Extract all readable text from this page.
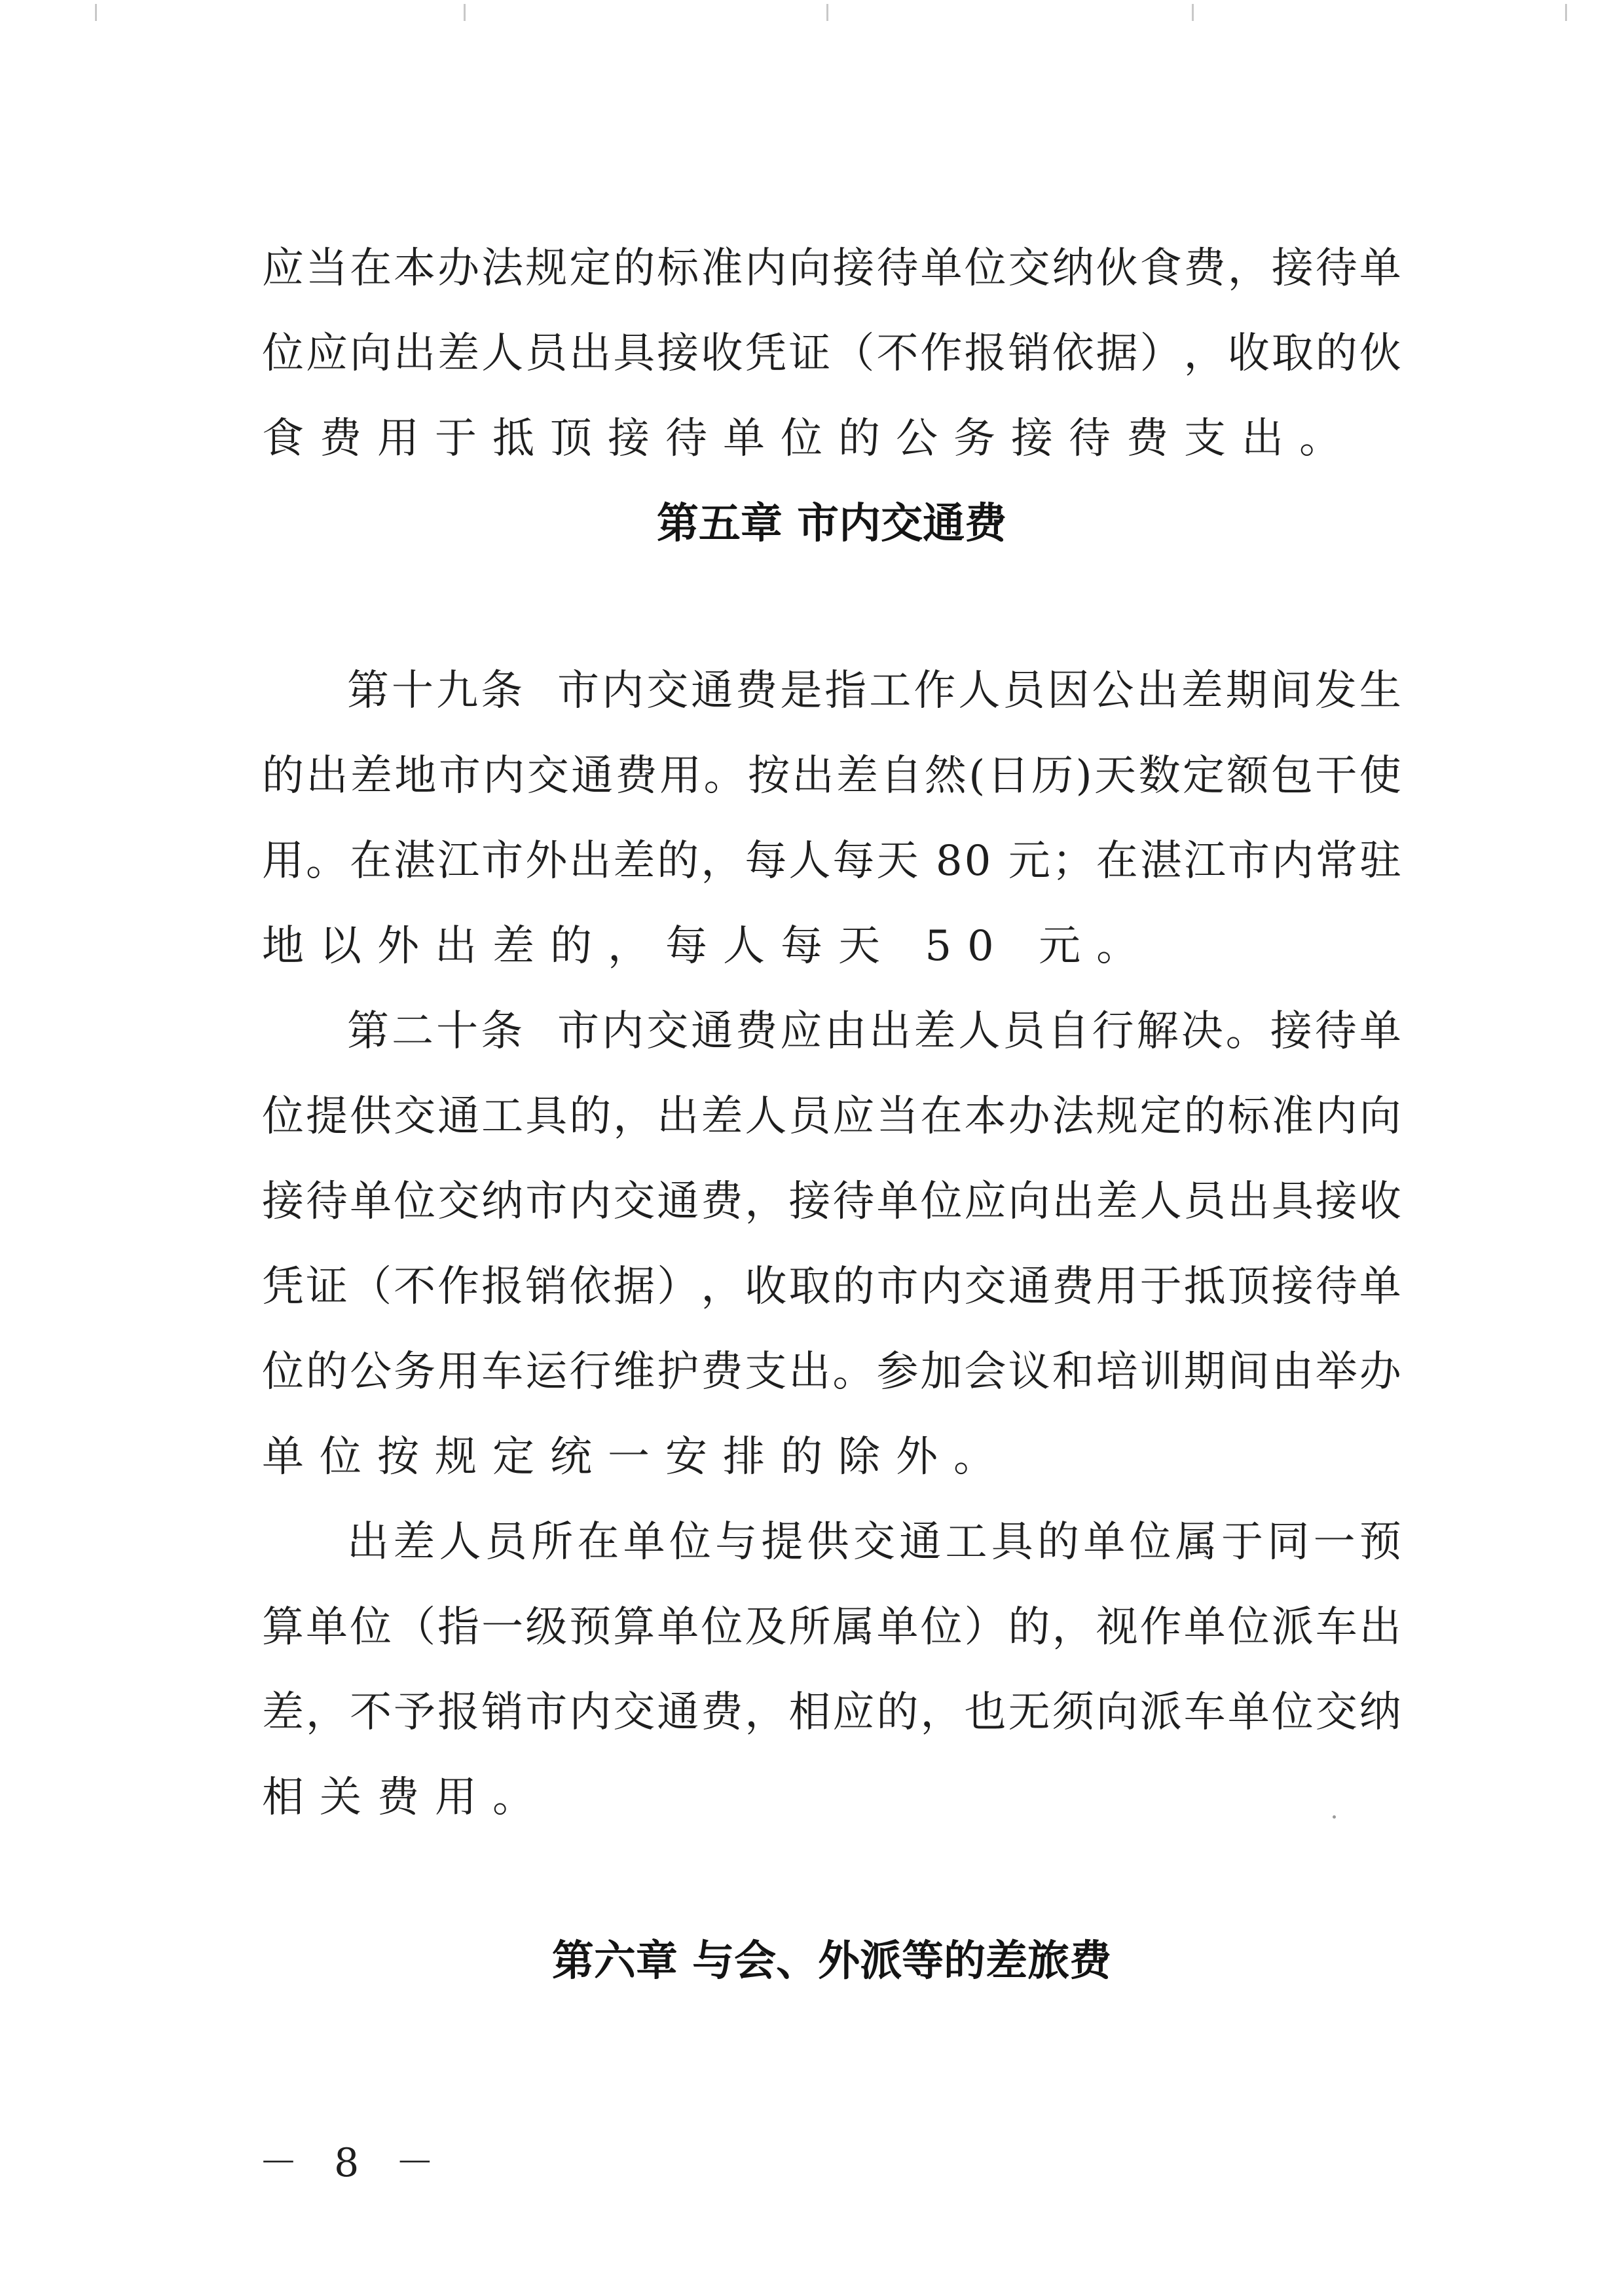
应 当 在 本 办 法 规 定 的 标 准 内 向 接 待 单 位 交 纳 伙 食 费 ， 接 待 单
位 应 向 出 差 人 员 出 具 接 收 凭 证 （ 不 作 报 销 依 据 ） ， 收 取 的 伙
食费用于抵顶接待单位的公务接待费支出。
第五章 市内交通费
第 十 九 条

市 内 交 通 费 是 指 工 作 人 员 因 公 出 差 期 间 发 生
的 出 差 地 市 内 交 通 费 用 。 按 出 差 自 然 ( 日 历 ) 天 数 定 额 包 干 使
用 。 在 湛 江 市 外 出 差 的 ， 每 人 每 天
8 0
元 ； 在 湛 江 市 内 常 驻
地以外出差的，每人每天 50 元。
第 二 十 条

市 内 交 通 费 应 由 出 差 人 员 自 行 解 决 。 接 待 单
位 提 供 交 通 工 具 的 ， 出 差 人 员 应 当 在 本 办 法 规 定 的 标 准 内 向
接 待 单 位 交 纳 市 内 交 通 费 ， 接 待 单 位 应 向 出 差 人 员 出 具 接 收
凭 证 （ 不 作 报 销 依 据 ） ， 收 取 的 市 内 交 通 费 用 于 抵 顶 接 待 单
位 的 公 务 用 车 运 行 维 护 费 支 出 。 参 加 会 议 和 培 训 期 间 由 举 办
单位按规定统一安排的除外。
出 差 人 员 所 在 单 位 与 提 供 交 通 工 具 的 单 位 属 于 同 一 预
算 单 位 （ 指 一 级 预 算 单 位 及 所 属 单 位 ） 的 ， 视 作 单 位 派 车 出
差 ， 不 予 报 销 市 内 交 通 费 ， 相 应 的 ， 也 无 须 向 派 车 单 位 交 纳
相关费用。
第六章 与会、外派等的差旅费
－ 8 －
